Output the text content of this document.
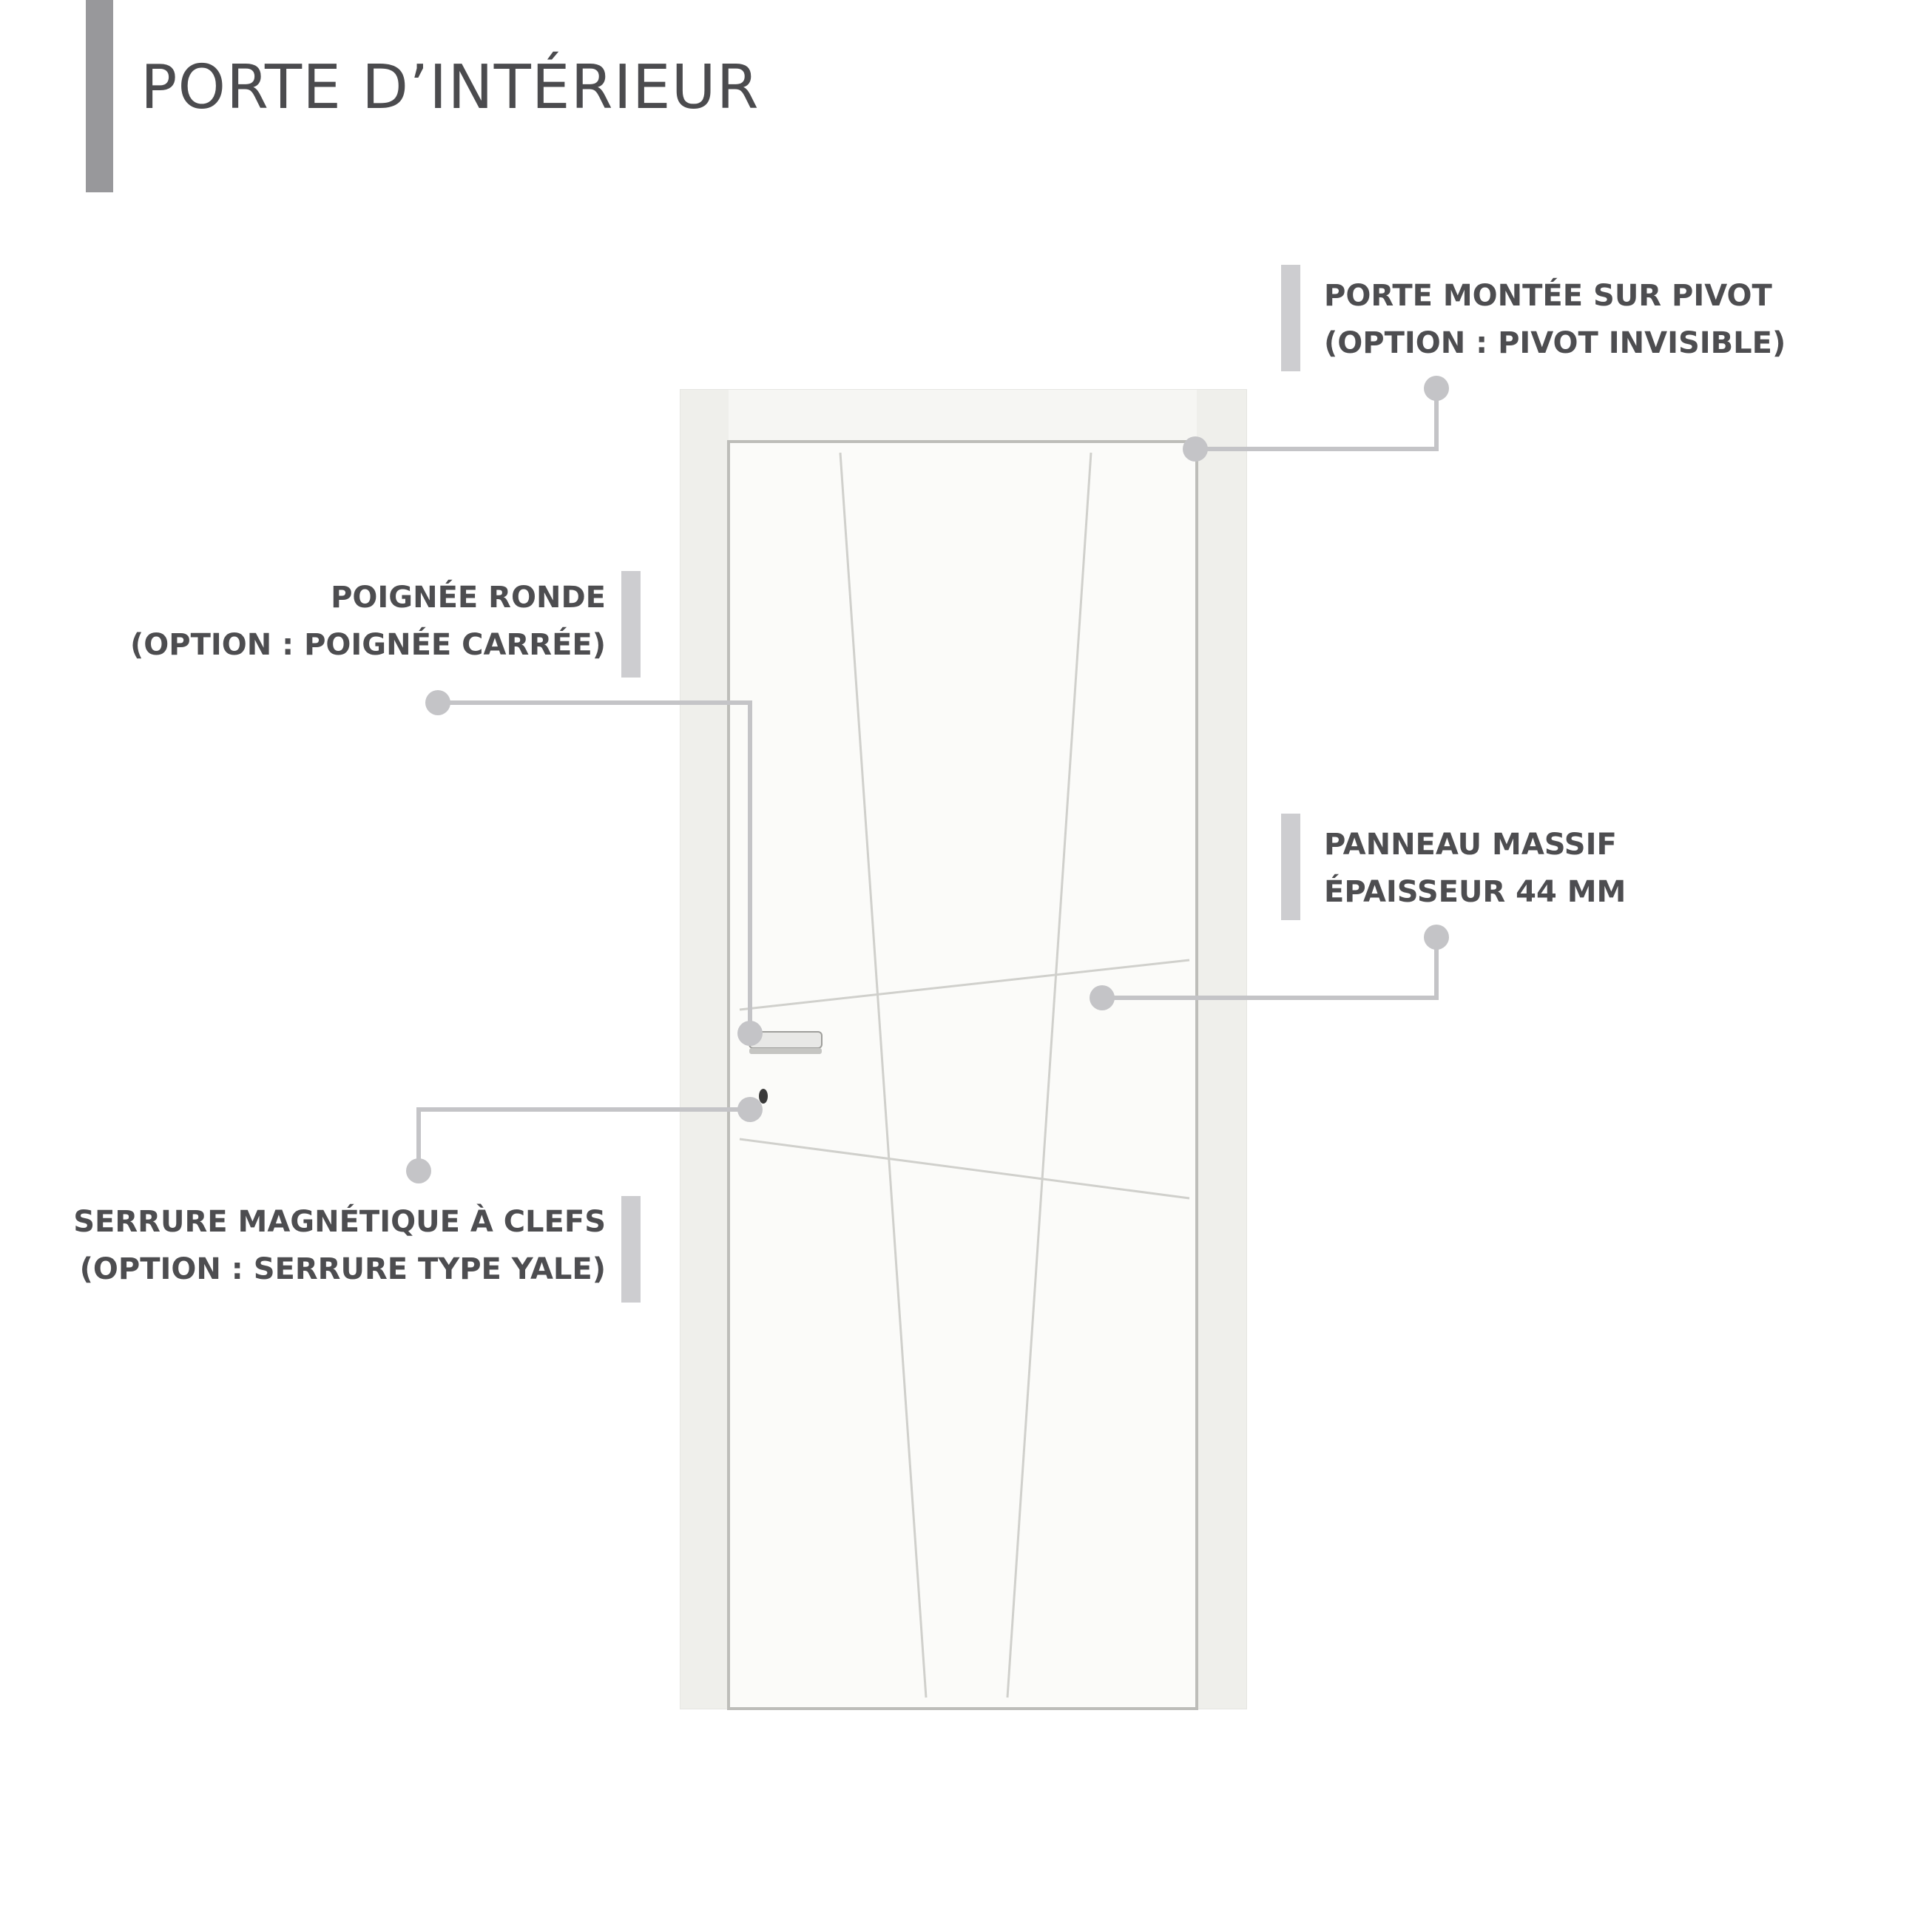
PORTE D’INTÉRIEUR
PORTE MONTÉE SUR PIVOT
(OPTION : PIVOT INVISIBLE)
POIGNÉE RONDE
(OPTION : POIGNÉE CARRÉE)
PANNEAU MASSIF
ÉPAISSEUR 44 MM
SERRURE MAGNÉTIQUE À CLEFS
(OPTION : SERRURE TYPE YALE)
